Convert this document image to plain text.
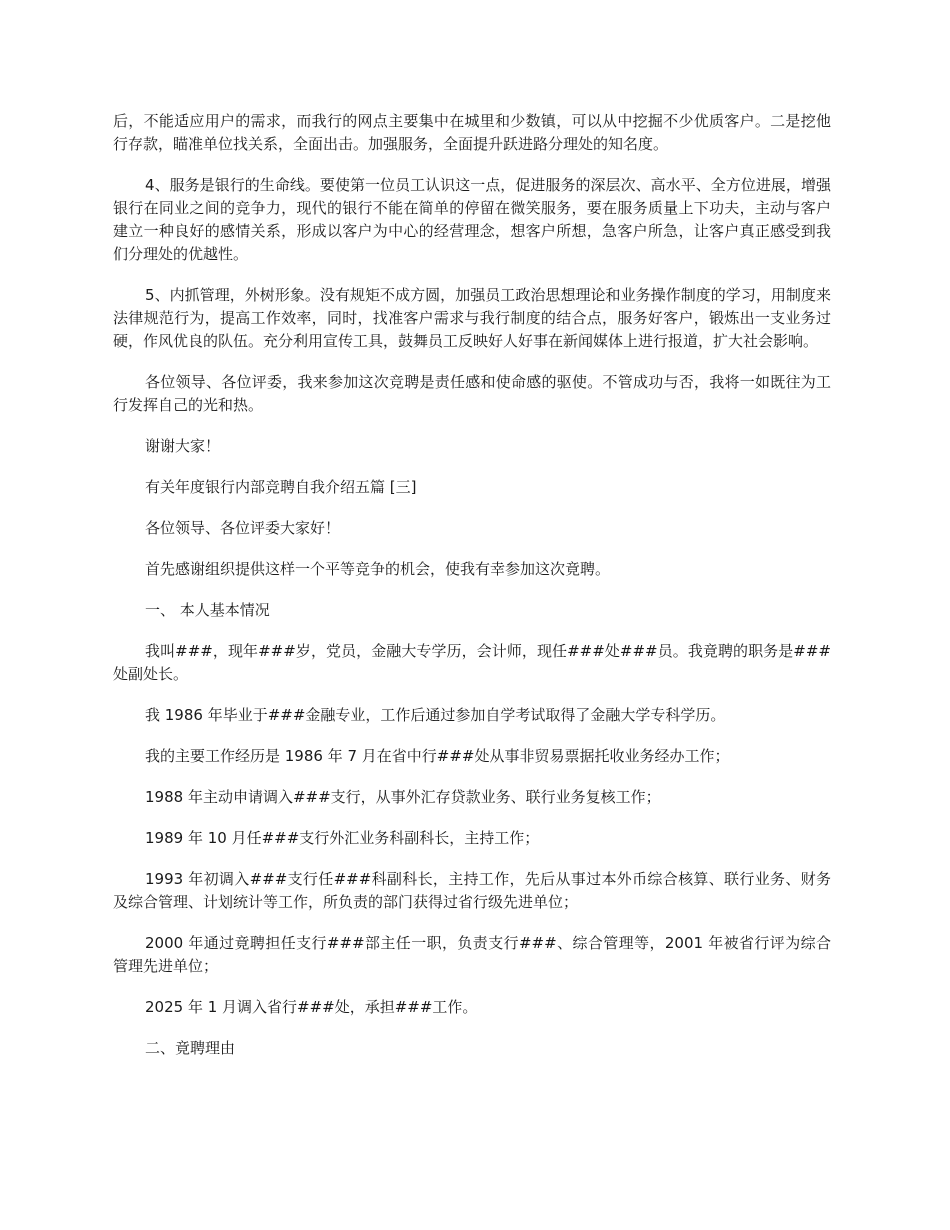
后，不能适应用户的需求，而我行的网点主要集中在城里和少数镇，可以从中挖掘不少优质客户。二是挖他行存款，瞄准单位找关系，全面出击。加强服务，全面提升跃进路分理处的知名度。

4、服务是银行的生命线。要使第一位员工认识这一点，促进服务的深层次、高水平、全方位进展，增强银行在同业之间的竞争力，现代的银行不能在简单的停留在微笑服务，要在服务质量上下功夫，主动与客户建立一种良好的感情关系，形成以客户为中心的经营理念，想客户所想，急客户所急，让客户真正感受到我们分理处的优越性。

5、内抓管理，外树形象。没有规矩不成方圆，加强员工政治思想理论和业务操作制度的学习，用制度来法律规范行为，提高工作效率，同时，找准客户需求与我行制度的结合点，服务好客户，锻炼出一支业务过硬，作风优良的队伍。充分利用宣传工具，鼓舞员工反映好人好事在新闻媒体上进行报道，扩大社会影响。

各位领导、各位评委，我来参加这次竞聘是责任感和使命感的驱使。不管成功与否，我将一如既往为工行发挥自己的光和热。

谢谢大家！

有关年度银行内部竞聘自我介绍五篇 [三]

各位领导、各位评委大家好！

首先感谢组织提供这样一个平等竞争的机会，使我有幸参加这次竟聘。

一、 本人基本情况

我叫###，现年###岁，党员，金融大专学历，会计师，现任###处###员。我竟聘的职务是###处副处长。

我 1986 年毕业于###金融专业，工作后通过参加自学考试取得了金融大学专科学历。

我的主要工作经历是 1986 年 7 月在省中行###处从事非贸易票据托收业务经办工作；

1988 年主动申请调入###支行，从事外汇存贷款业务、联行业务复核工作；

1989 年 10 月任###支行外汇业务科副科长，主持工作；

1993 年初调入###支行任###科副科长，主持工作，先后从事过本外币综合核算、联行业务、财务及综合管理、计划统计等工作，所负责的部门获得过省行级先进单位；

2000 年通过竟聘担任支行###部主任一职，负责支行###、综合管理等，2001 年被省行评为综合管理先进单位；

2025 年 1 月调入省行###处，承担###工作。

二、竟聘理由
